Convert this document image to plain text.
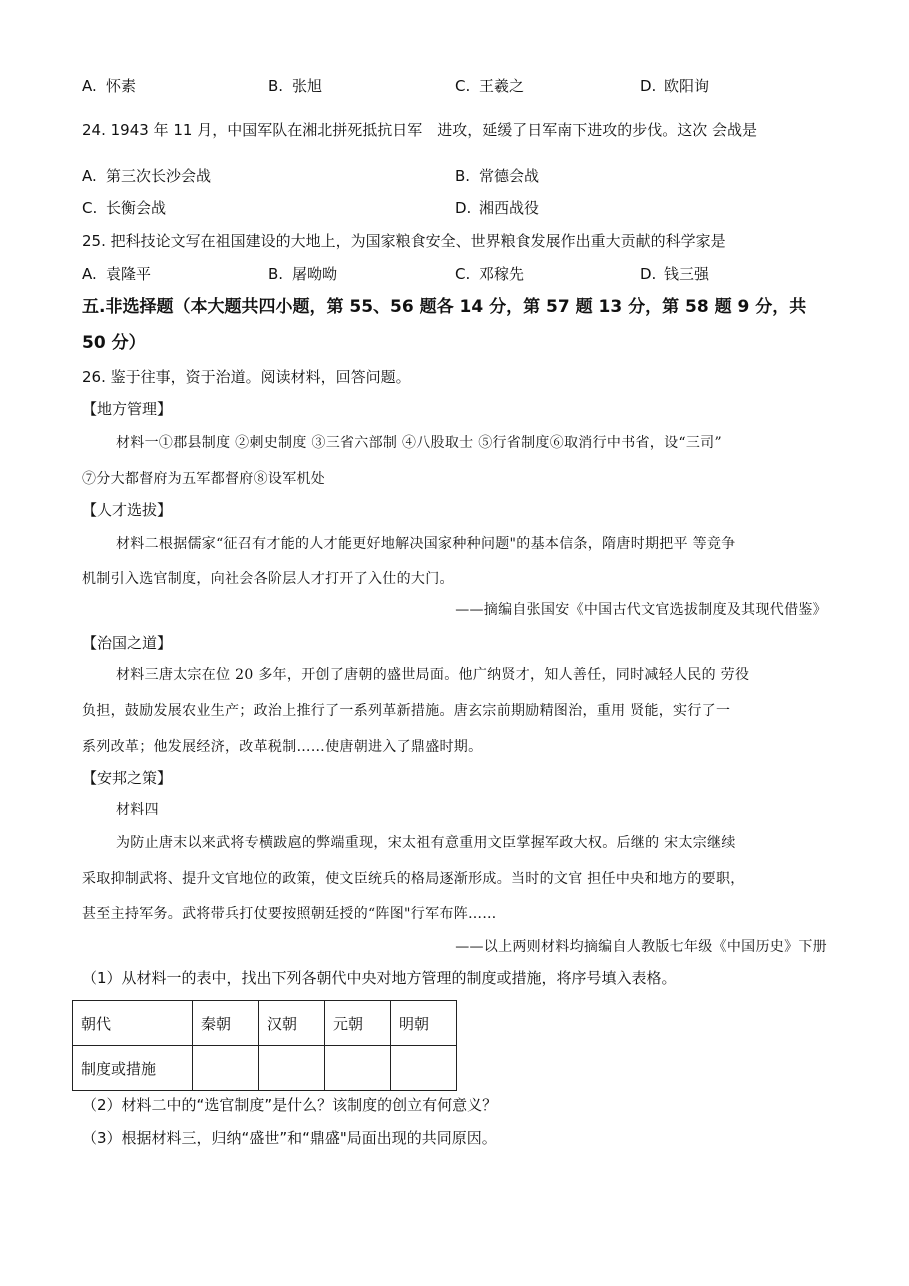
A. 怀素	B. 张旭	C. 王羲之	D. 欧阳询
24. 1943 年 11 月，中国军队在湘北拼死抵抗日军　进攻，延缓了日军南下进攻的步伐。这次 会战是
A. 第三次长沙会战	B. 常德会战
C. 长衡会战	D. 湘西战役
25. 把科技论文写在祖国建设的大地上，为国家粮食安全、世界粮食发展作出重大贡献的科学家是
A. 袁隆平	B. 屠呦呦	C. 邓稼先	D. 钱三强
五.非选择题（本大题共四小题，第 55、56 题各 14 分，第 57 题 13 分，第 58 题 9 分，共
50 分）
26. 鉴于往事，资于治道。阅读材料，回答问题。
【地方管理】
材料一①郡县制度 ②刺史制度 ③三省六部制 ④八股取士 ⑤行省制度⑥取消行中书省，设“三司”
⑦分大都督府为五军都督府⑧设军机处
【人才选拔】
材料二根据儒家“征召有才能的人才能更好地解决国家种种问题"的基本信条，隋唐时期把平 等竞争
机制引入选官制度，向社会各阶层人才打开了入仕的大门。
——摘编自张国安《中国古代文官选拔制度及其现代借鉴》
【治国之道】
材料三唐太宗在位 20 多年，开创了唐朝的盛世局面。他广纳贤才，知人善任，同时减轻人民的 劳役
负担，鼓励发展农业生产；政治上推行了一系列革新措施。唐玄宗前期励精图治，重用 贤能，实行了一
系列改革；他发展经济，改革税制……使唐朝进入了鼎盛时期。
【安邦之策】
材料四
为防止唐末以来武将专横跋扈的弊端重现，宋太祖有意重用文臣掌握军政大权。后继的 宋太宗继续
采取抑制武将、提升文官地位的政策，使文臣统兵的格局逐渐形成。当时的文官 担任中央和地方的要职，
甚至主持军务。武将带兵打仗要按照朝廷授的“阵图"行军布阵……
——以上两则材料均摘编自人教版七年级《中国历史》下册
（1）从材料一的表中，找出下列各朝代中央对地方管理的制度或措施，将序号填入表格。
朝代	秦朝	汉朝	元朝	明朝
制度或措施				
（2）材料二中的“选官制度”是什么？该制度的创立有何意义？
（3）根据材料三，归纳“盛世”和“鼎盛"局面出现的共同原因。
